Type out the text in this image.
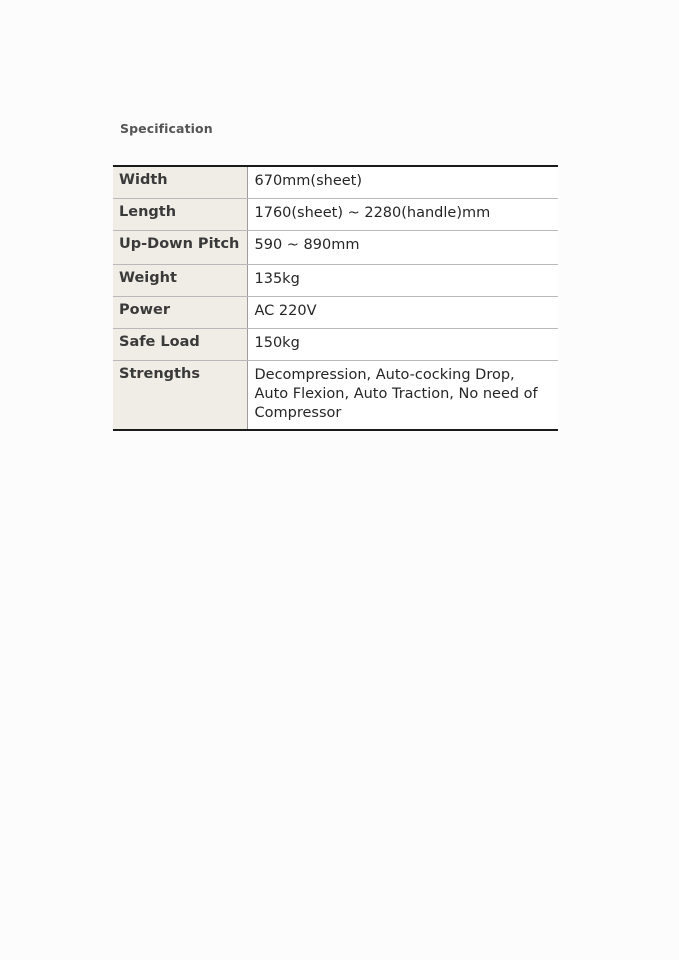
Specification
Width	670mm(sheet)
Length	1760(sheet) ~ 2280(handle)mm
Up-Down Pitch	590 ~ 890mm
Weight	135kg
Power	AC 220V
Safe Load	150kg
Strengths	Decompression, Auto-cocking Drop, Auto Flexion, Auto Traction, No need of Compressor
